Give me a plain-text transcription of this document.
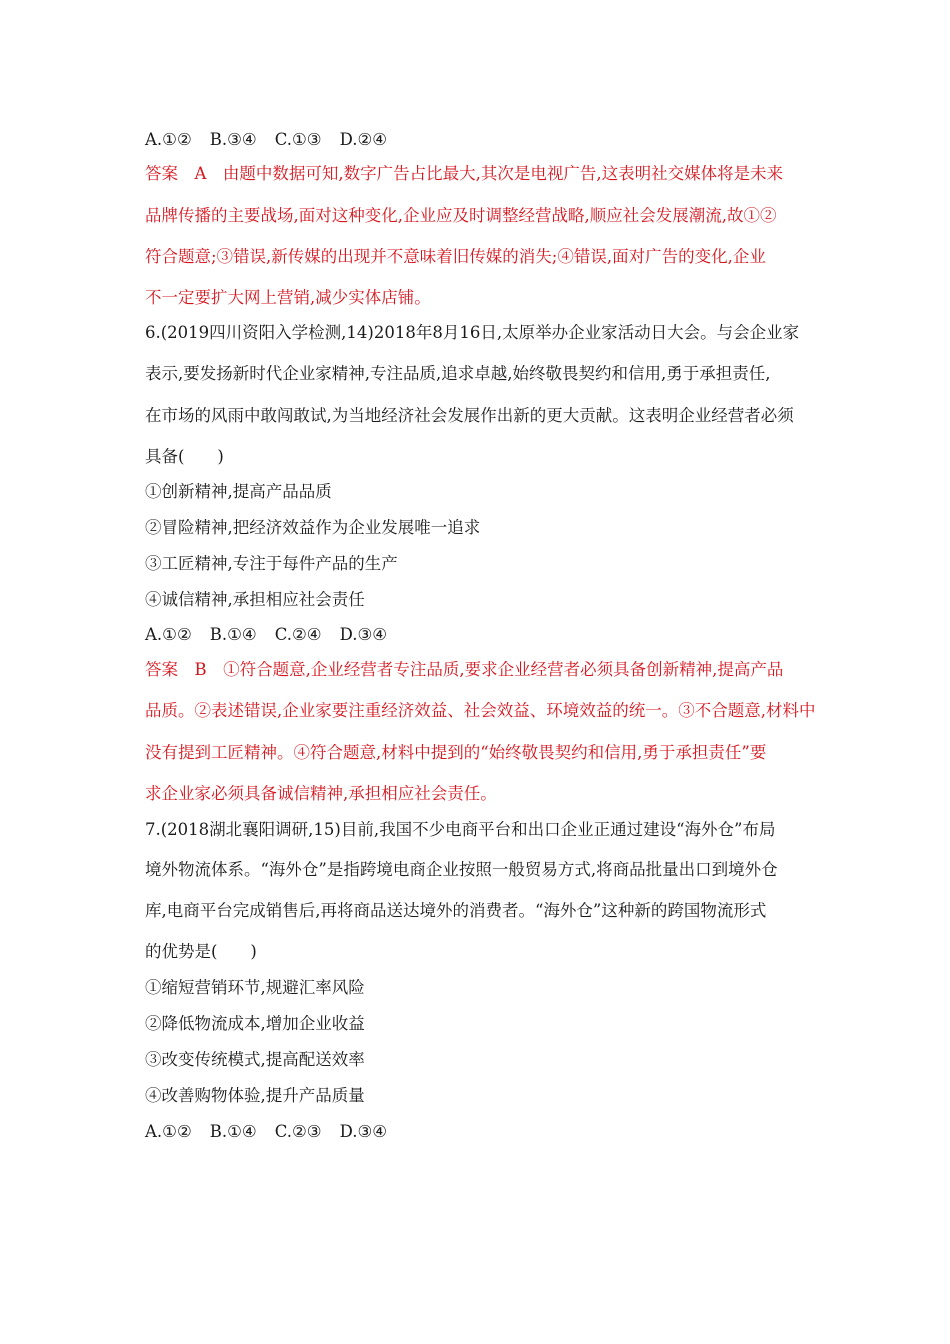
A.①② B.③④ C.①③ D.②④
答案　A　由题中数据可知,数字广告占比最大,其次是电视广告,这表明社交媒体将是未来
品牌传播的主要战场,面对这种变化,企业应及时调整经营战略,顺应社会发展潮流,故①②
符合题意;③错误,新传媒的出现并不意味着旧传媒的消失;④错误,面对广告的变化,企业
不一定要扩大网上营销,减少实体店铺。
6.(2019四川资阳入学检测,14)2018年8月16日,太原举办企业家活动日大会。与会企业家
表示,要发扬新时代企业家精神,专注品质,追求卓越,始终敬畏契约和信用,勇于承担责任,
在市场的风雨中敢闯敢试,为当地经济社会发展作出新的更大贡献。这表明企业经营者必须
具备(　　)
①创新精神,提高产品品质
②冒险精神,把经济效益作为企业发展唯一追求
③工匠精神,专注于每件产品的生产
④诚信精神,承担相应社会责任
A.①② B.①④ C.②④ D.③④
答案　B　①符合题意,企业经营者专注品质,要求企业经营者必须具备创新精神,提高产品
品质。②表述错误,企业家要注重经济效益、社会效益、环境效益的统一。③不合题意,材料中
没有提到工匠精神。④符合题意,材料中提到的“始终敬畏契约和信用,勇于承担责任”要
求企业家必须具备诚信精神,承担相应社会责任。
7.(2018湖北襄阳调研,15)目前,我国不少电商平台和出口企业正通过建设“海外仓”布局
境外物流体系。“海外仓”是指跨境电商企业按照一般贸易方式,将商品批量出口到境外仓
库,电商平台完成销售后,再将商品送达境外的消费者。“海外仓”这种新的跨国物流形式
的优势是(　　)
①缩短营销环节,规避汇率风险
②降低物流成本,增加企业收益
③改变传统模式,提高配送效率
④改善购物体验,提升产品质量
A.①② B.①④ C.②③ D.③④
